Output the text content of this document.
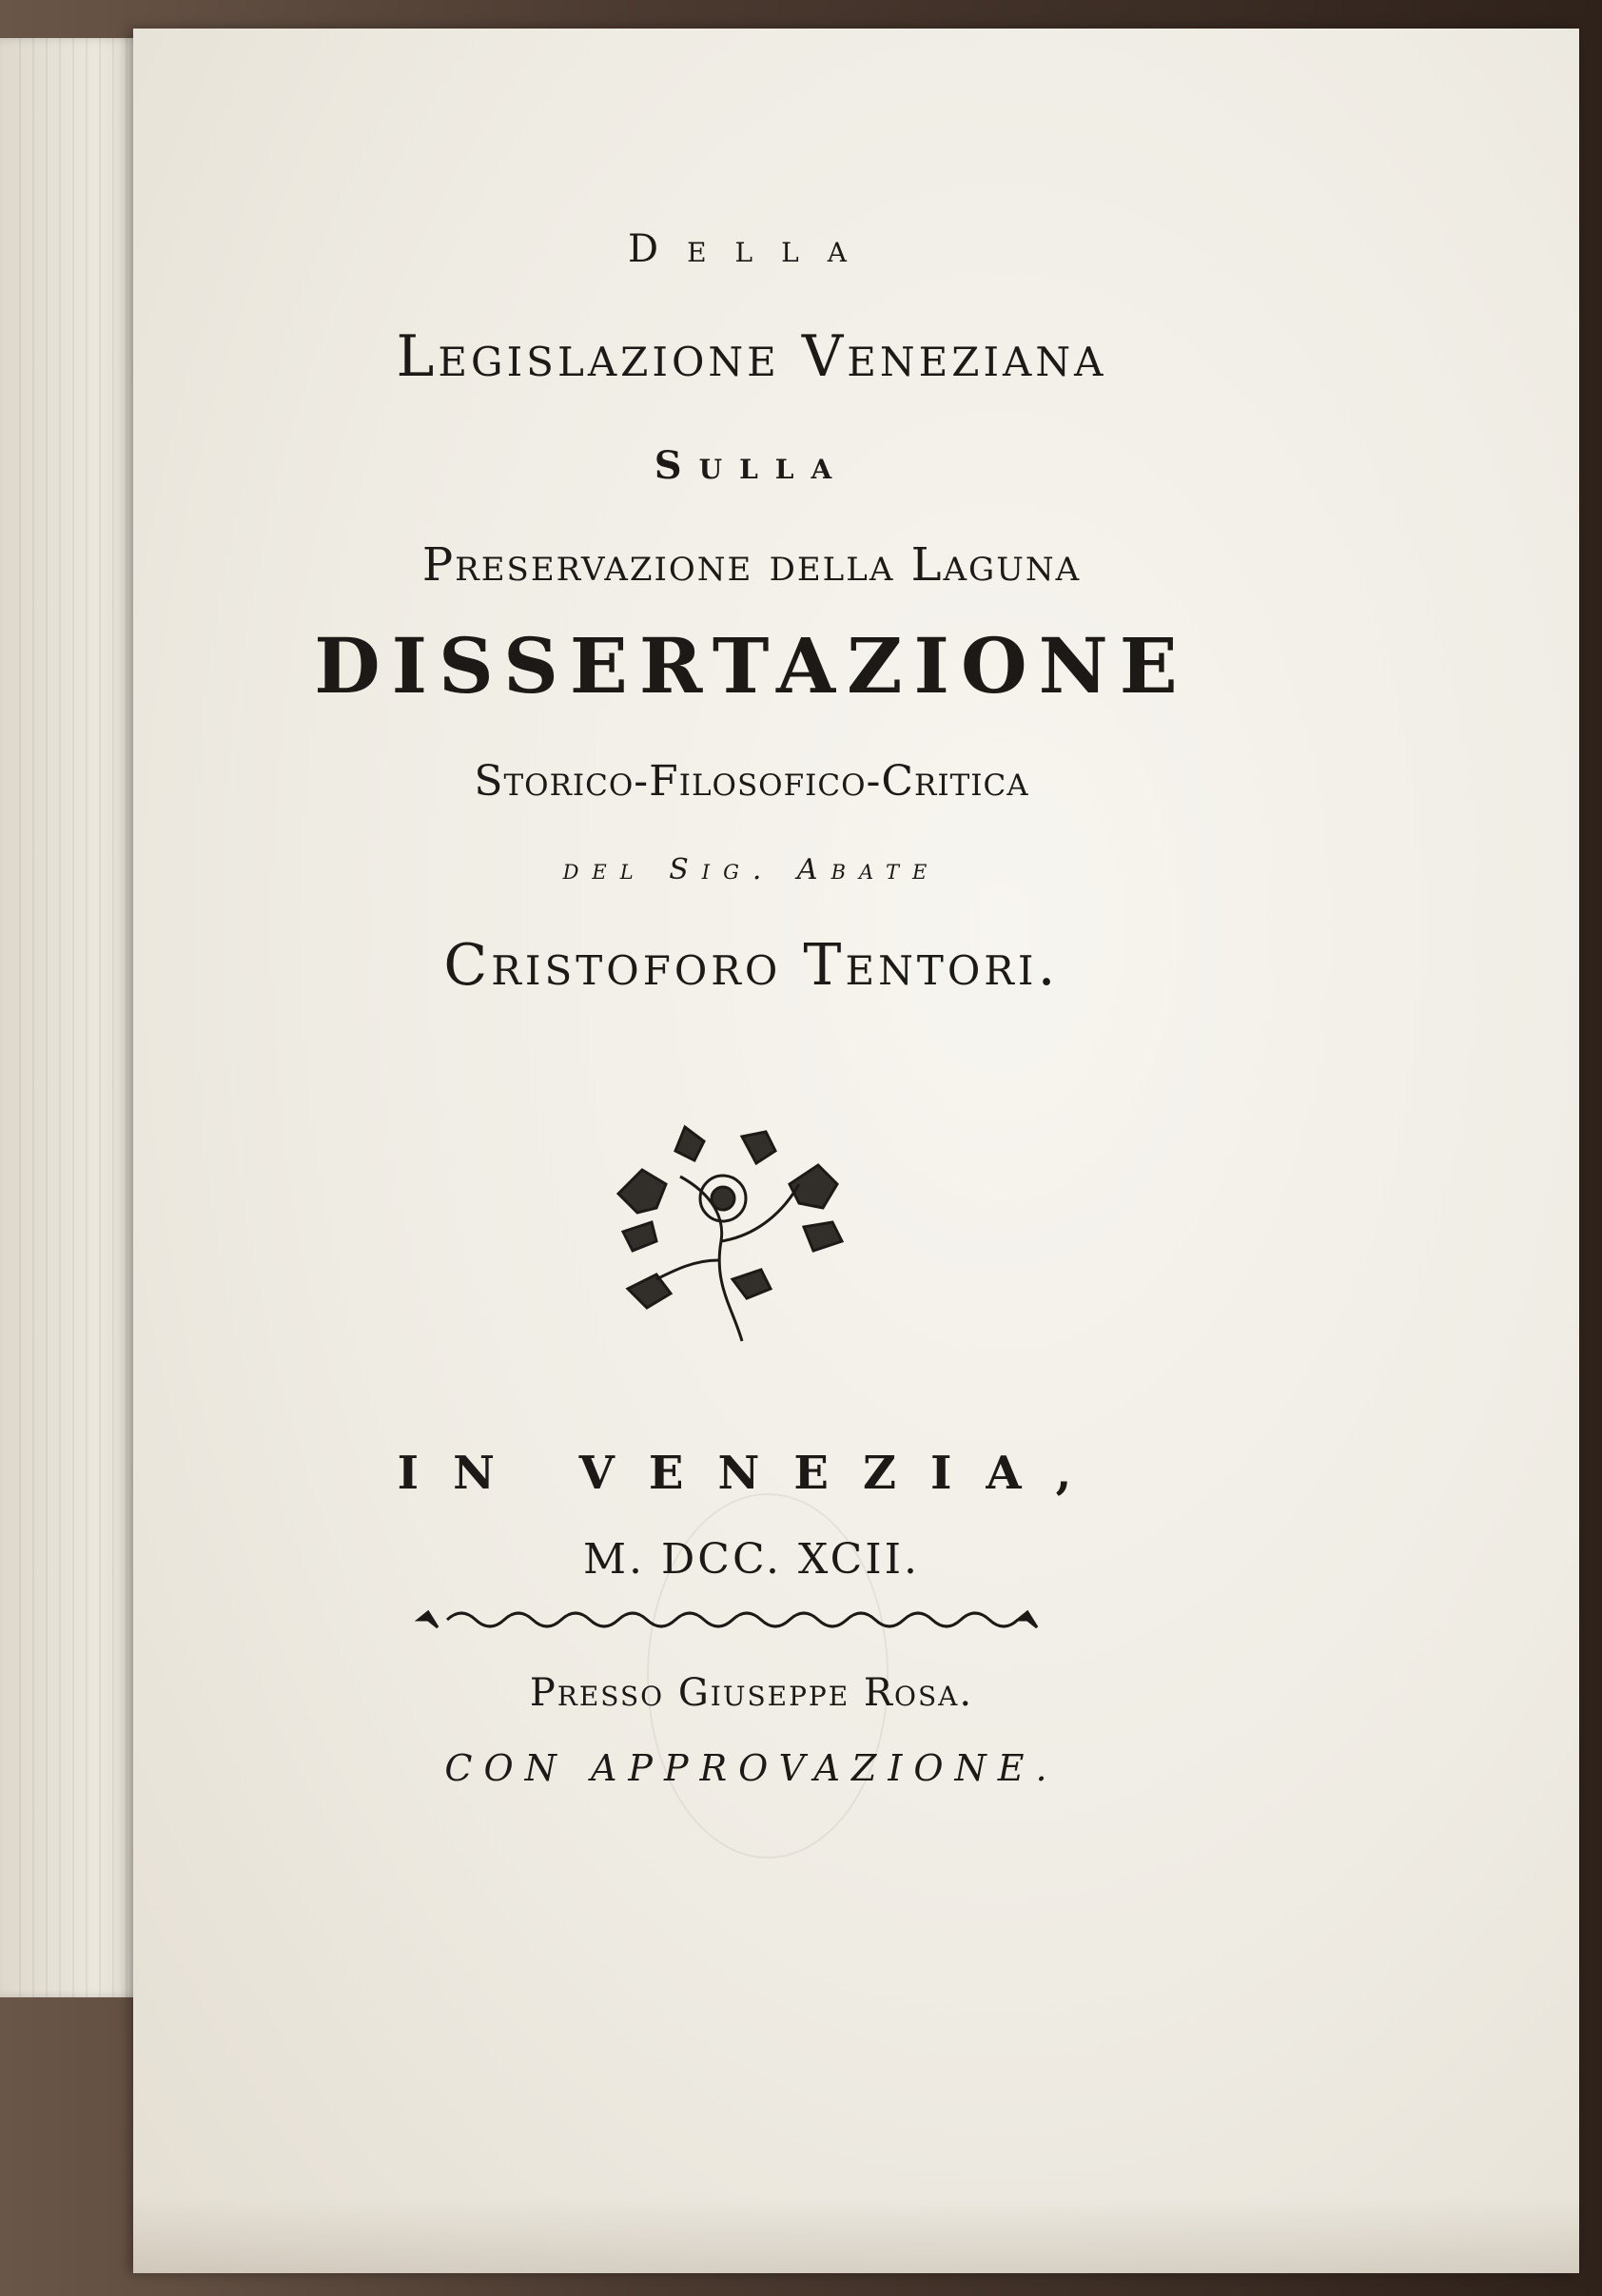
Della
Legislazione Veneziana
Sulla
Preservazione della Laguna
DISSERTAZIONE
Storico-Filosofico-Critica
del Sig. Abate
Cristoforo Tentori.
IN VENEZIA,
M. DCC. XCII.
Presso Giuseppe Rosa.
CON APPROVAZIONE.
